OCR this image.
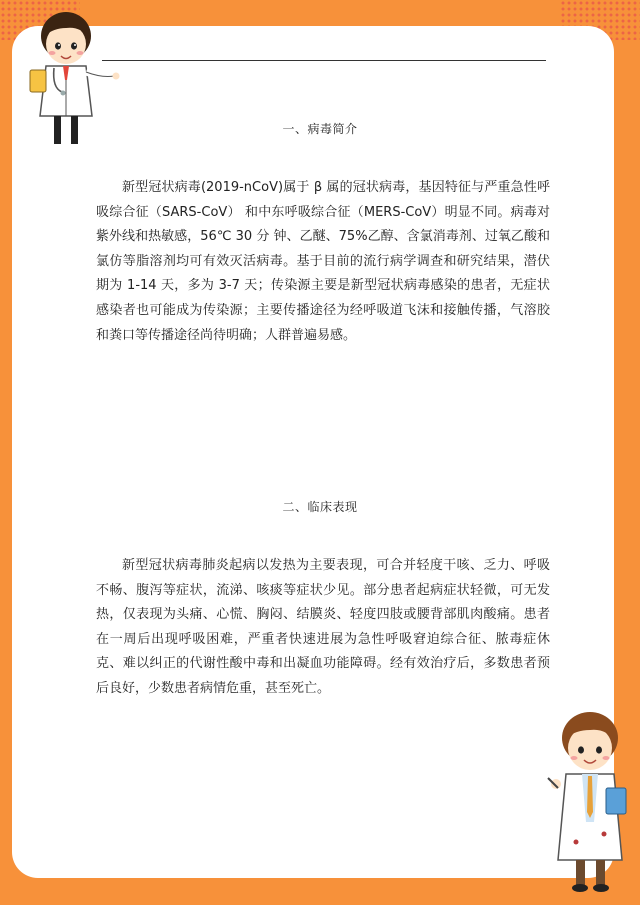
一、病毒简介

新型冠状病毒(2019-nCoV)属于 β 属的冠状病毒，基因特征与严重急性呼吸综合征（SARS-CoV） 和中东呼吸综合征（MERS-CoV）明显不同。病毒对紫外线和热敏感，56℃ 30 分 钟、乙醚、75%乙醇、含氯消毒剂、过氧乙酸和氯仿等脂溶剂均可有效灭活病毒。基于目前的流行病学调查和研究结果，潜伏期为 1-14 天，多为 3-7 天；传染源主要是新型冠状病毒感染的患者，无症状感染者也可能成为传染源；主要传播途径为经呼吸道飞沫和接触传播，气溶胶和粪口等传播途径尚待明确；人群普遍易感。

二、临床表现

新型冠状病毒肺炎起病以发热为主要表现，可合并轻度干咳、乏力、呼吸不畅、腹泻等症状，流涕、咳痰等症状少见。部分患者起病症状轻微，可无发热，仅表现为头痛、心慌、胸闷、结膜炎、轻度四肢或腰背部肌肉酸痛。患者在一周后出现呼吸困难，严重者快速进展为急性呼吸窘迫综合征、脓毒症休克、难以纠正的代谢性酸中毒和出凝血功能障碍。经有效治疗后，多数患者预后良好，少数患者病情危重，甚至死亡。
